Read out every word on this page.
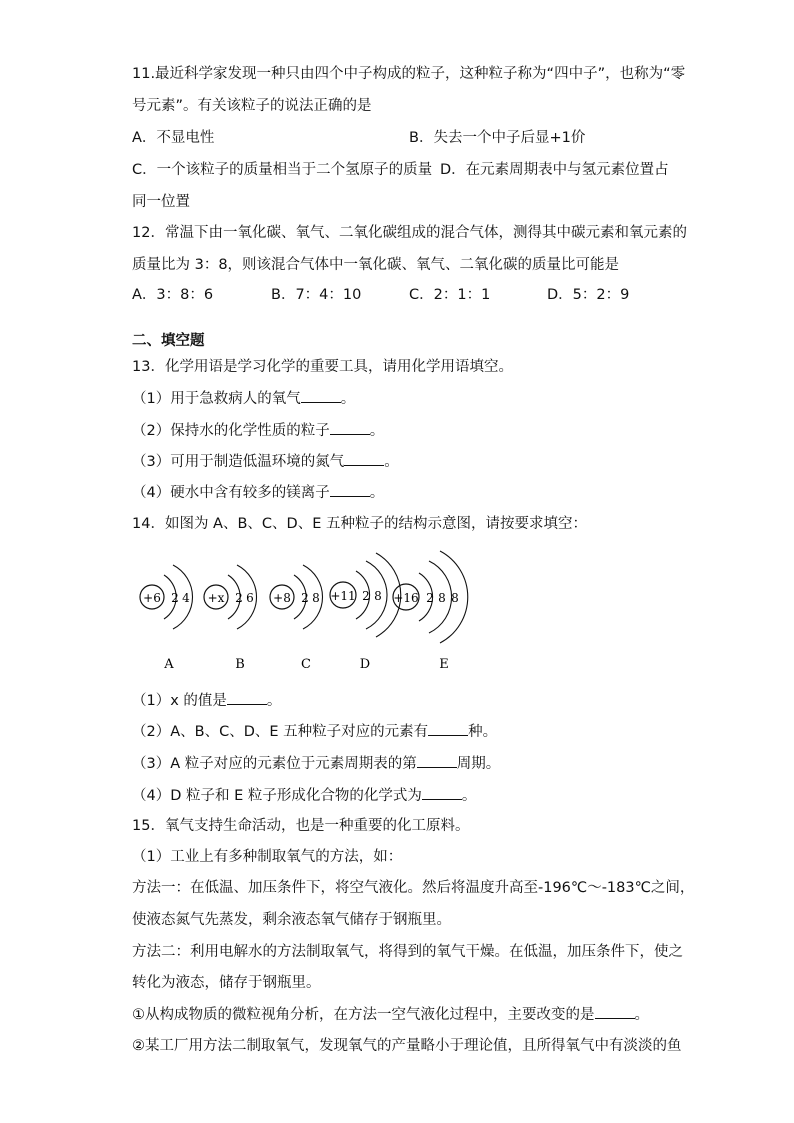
11.最近科学家发现一种只由四个中子构成的粒子，这种粒子称为“四中子”，也称为“零
号元素”。有关该粒子的说法正确的是
A．不显电性	B．失去一个中子后显+1价
C．一个该粒子的质量相当于二个氢原子的质量 D．在元素周期表中与氢元素位置占
同一位置
12．常温下由一氧化碳、氧气、二氧化碳组成的混合气体，测得其中碳元素和氧元素的
质量比为 3：8，则该混合气体中一氧化碳、氧气、二氧化碳的质量比可能是
A．3：8：6	B．7：4：10	C．2：1：1	D．5：2：9
二、填空题
13．化学用语是学习化学的重要工具，请用化学用语填空。
（1）用于急救病人的氧气	。
（2）保持水的化学性质的粒子	。
（3）可用于制造低温环境的氮气	。
（4）硬水中含有较多的镁离子	。
14．如图为 A、B、C、D、E 五种粒子的结构示意图，请按要求填空：
+6 2 4 +x 2 6 +8 2 8 +11 2 8 +16 2 8 8
A	B	C	D	E
（1）x 的值是	。
（2）A、B、C、D、E 五种粒子对应的元素有	种。
（3）A 粒子对应的元素位于元素周期表的第	周期。
（4）D 粒子和 E 粒子形成化合物的化学式为	。
15．氧气支持生命活动，也是一种重要的化工原料。
（1）工业上有多种制取氧气的方法，如：
方法一：在低温、加压条件下，将空气液化。然后将温度升高至-196℃～-183℃之间，
使液态氮气先蒸发，剩余液态氧气储存于钢瓶里。
方法二：利用电解水的方法制取氧气，将得到的氧气干燥。在低温，加压条件下，使之
转化为液态，储存于钢瓶里。
①从构成物质的微粒视角分析，在方法一空气液化过程中，主要改变的是	。
②某工厂用方法二制取氧气，发现氧气的产量略小于理论值，且所得氧气中有淡淡的鱼
